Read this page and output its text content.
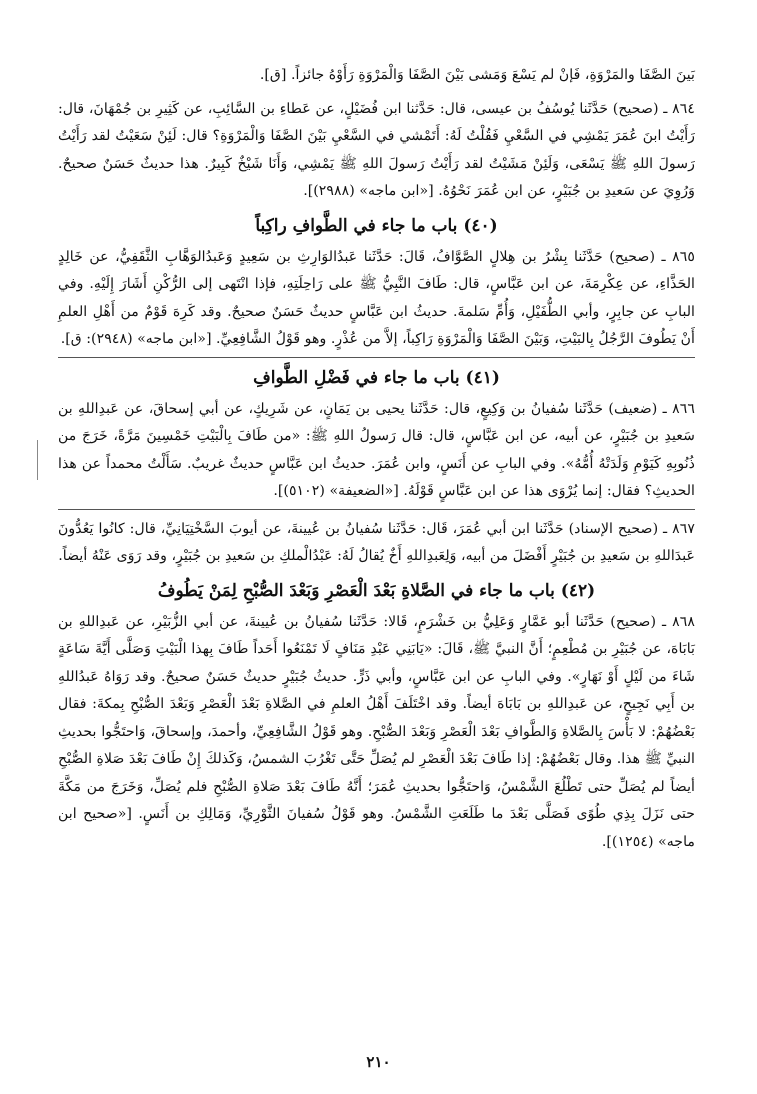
بَينَ الصَّفَا والمَرْوَةِ، فَإنْ لم يَسْعَ وَمَشى بَيْنَ الصَّفَا وَالْمَرْوَةِ رَأَوْهُ جائزاً. [ق].

٨٦٤ ـ (صحيح) حَدَّثَنا يُوسُفُ بن عيسى، قال: حَدَّثنا ابن فُضَيْلٍ، عن عَطاءِ بن السَّائِبِ، عن كَثِيرِ بن جُمْهَانَ، قال: رَأَيْتُ ابنَ عُمَرَ يَمْشِي في السَّعْيِ فَقُلْتُ لَهُ: أَتَمْشي في السَّعْيِ بَيْنَ الصَّفَا وَالْمَرْوَةِ؟ قال: لَئِنْ سَعَيْتُ لقد رَأَيْتُ رَسولَ اللهِ ﷺ يَسْعَى، وَلَئِنْ مَشَيْتُ لقد رَأَيْتُ رَسولَ اللهِ ﷺ يَمْشِي، وَأَنَا شَيْخٌ كَبِيرٌ. هذا حديثٌ حَسَنٌ صحيحٌ. وَرُوِيَ عن سَعيدِ بن جُبَيْرٍ، عن ابن عُمَرَ نَحْوُهُ. [«ابن ماجه» (٢٩٨٨)].

(٤٠) باب ما جاء في الطَّوافِ راكِباً

٨٦٥ ـ (صحيح) حَدَّثَنا بِشْرُ بن هِلالٍ الصَّوَّافُ، قَالَ: حَدَّثَنا عَبدُالوَارِثِ بن سَعِيدٍ وَعَبدُالوَهَّابِ الثَّقَفِيُّ، عن خَالِدٍ الحَذَّاءِ، عن عِكْرِمَةَ، عن ابن عَبَّاسٍ، قال: طَافَ النَّبِيُّ ﷺ على رَاحِلَتِهِ، فإذا انْتَهى إلى الرُّكْنِ أَشَارَ إِلَيْهِ. وفي البابِ عن جابِرٍ، وأبي الطُّفَيْلِ، وَأُمِّ سَلمةَ. حديثُ ابن عَبَّاسٍ حديثٌ حَسَنٌ صحيحٌ. وقد كَرِهَ قَوْمٌ من أَهْلِ العلمِ أَنْ يَطُوفَ الرَّجُلُ بِالبَيْتِ، وَبَيْنَ الصَّفَا وَالْمَرْوَةِ رَاكِباً، إلاَّ من عُذْرٍ. وهو قَوْلُ الشَّافِعِيِّ. [«ابن ماجه» (٢٩٤٨): ق].

(٤١) باب ما جاء في فَضْلِ الطَّوافِ

٨٦٦ ـ (ضعيف) حَدَّثَنا سُفيانُ بن وَكِيعٍ، قال: حَدَّثَنا يحيى بن يَمَانٍ، عن شَرِيكٍ، عن أبي إسحاقَ، عن عَبدِاللهِ بن سَعيدِ بن جُبَيْرٍ، عن أبيه، عن ابن عَبَّاسٍ، قال: قال رَسولُ اللهِ ﷺ: «من طَافَ بِالْبَيْتِ خَمْسِينَ مَرَّةً، خَرَجَ من ذُنُوبِهِ كَيَوْمِ وَلَدَتْهُ أُمُّهُ». وفي البابِ عن أَنَسٍ، وابن عُمَرَ. حديثُ ابن عَبَّاسٍ حديثٌ غريبٌ. سَأَلْتُ محمداً عن هذا الحديثِ؟ فقال: إنما يُرْوَى هذا عن ابن عَبَّاسٍ قَوْلَهُ. [«الضعيفة» (٥١٠٢)].

٨٦٧ ـ (صحيح الإسناد) حَدَّثَنا ابن أبي عُمَرَ، قَال: حَدَّثَنا سُفيانُ بن عُيينةَ، عن أيوبَ السَّخْتِيَانِيِّ، قال: كانُوا يَعُدُّونَ عَبدَاللهِ بن سَعيدِ بن جُبَيْرٍ أَفْضَلَ من أبيه، وَلِعَبدِاللهِ أَخٌ يُقالُ لَهُ: عَبْدُالْملكِ بن سَعيدِ بن جُبَيْرٍ، وقد رَوَى عَنْهُ أيضاً.

(٤٢) باب ما جاء في الصَّلاةِ بَعْدَ الْعَصْرِ وَبَعْدَ الصُّبْحِ لِمَنْ يَطُوفُ

٨٦٨ ـ (صحيح) حَدَّثَنا أبو عَمَّارٍ وَعَلِيُّ بن خَشْرَمٍ، قَالا: حَدَّثَنا سُفيانُ بن عُيينةَ، عن أبي الزُّبَيْرِ، عن عَبدِاللهِ بن بَابَاهَ، عن جُبَيْرِ بن مُطْعِمٍ؛ أَنَّ النبيَّ ﷺ، قَالَ: «يَابَنِي عَبْدِ مَنَافٍ لَا تَمْنَعُوا أَحَداً طَافَ بِهذا الْبَيْتِ وَصَلَّى أَيَّةَ سَاعَةٍ شَاءَ من لَيْلٍ أَوْ نَهَارٍ». وفي البابِ عن ابن عَبَّاسٍ، وأبي ذَرٍّ. حديثُ جُبَيْرٍ حديثٌ حَسَنٌ صحيحٌ. وقد رَوَاهُ عَبدُاللهِ بن أَبِي نَجِيحٍ، عن عَبدِاللهِ بن بَابَاهَ أيضاً. وقد اخْتَلَفَ أَهْلُ العلمِ في الصَّلاةِ بَعْدَ الْعَصْرِ وَبَعْدَ الصُّبْحِ بِمكةَ: فقال بَعْضُهُمْ: لا بَأْسَ بِالصَّلاةِ وَالطَّوافِ بَعْدَ الْعَصْرِ وَبَعْدَ الصُّبْحِ. وهو قَوْلُ الشَّافِعِيِّ، وأحمدَ، وإسحاقَ، وَاحتَجُّوا بحديثِ النبيِّ ﷺ هذا. وقال بَعْضُهُمْ: إذا طَافَ بَعْدَ الْعَصْرِ لم يُصَلِّ حَتَّى تَغْرُبَ الشمسُ، وَكَذلكَ إِنْ طَافَ بَعْدَ صَلاةِ الصُّبْحِ أيضاً لم يُصَلِّ حتى تَطْلُعَ الشَّمْسُ، وَاحتَجُّوا بحديثِ عُمَرَ؛ أَنَّهُ طَافَ بَعْدَ صَلاةِ الصُّبْحِ فلم يُصَلِّ، وَخَرَجَ من مَكَّةَ حتى نَزَلَ بِذِي طُوًى فَصَلَّى بَعْدَ ما طَلَعَتِ الشَّمْسُ. وهو قَوْلُ سُفيانَ الثَّوْرِيِّ، وَمَالِكِ بن أَنَسٍ. [«صحيح ابن ماجه» (١٢٥٤)].

٢١٠
